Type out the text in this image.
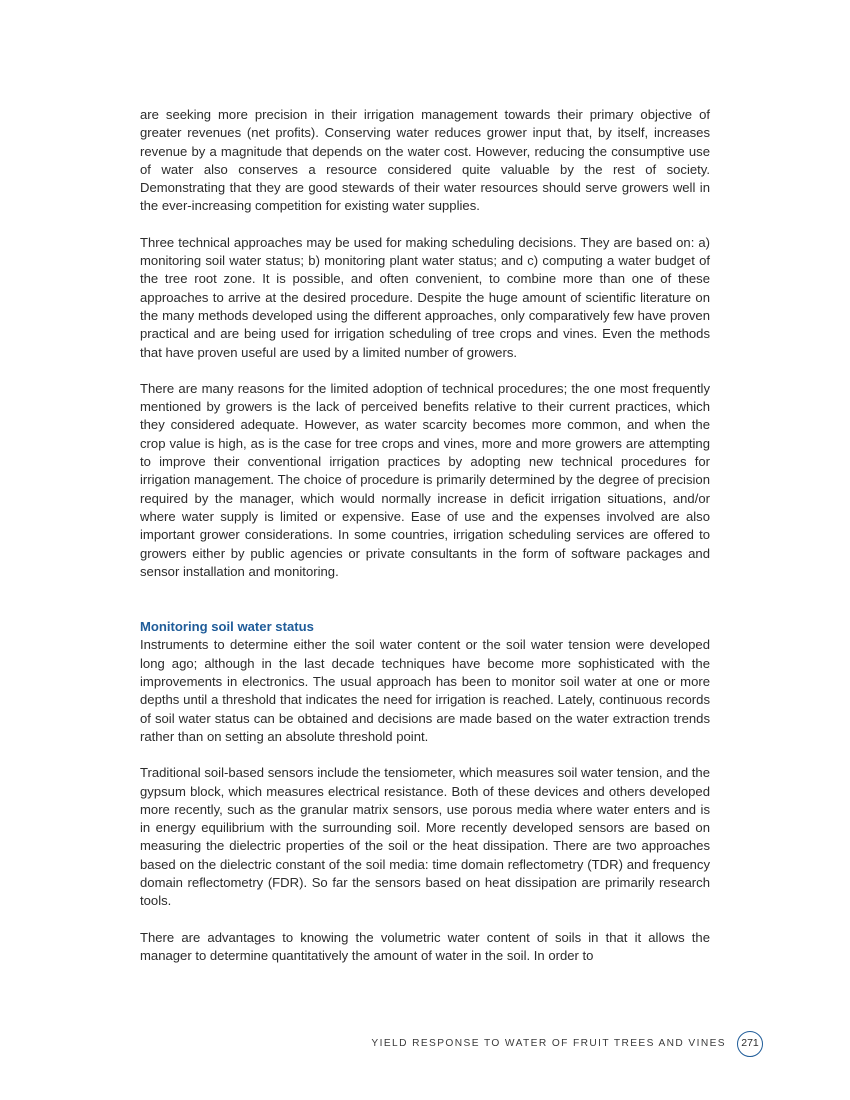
are seeking more precision in their irrigation management towards their primary objective of greater revenues (net profits). Conserving water reduces grower input that, by itself, increases revenue by a magnitude that depends on the water cost. However, reducing the consumptive use of water also conserves a resource considered quite valuable by the rest of society. Demonstrating that they are good stewards of their water resources should serve growers well in the ever-increasing competition for existing water supplies.

Three technical approaches may be used for making scheduling decisions. They are based on: a) monitoring soil water status; b) monitoring plant water status; and c) computing a water budget of the tree root zone. It is possible, and often convenient, to combine more than one of these approaches to arrive at the desired procedure. Despite the huge amount of scientific literature on the many methods developed using the different approaches, only comparatively few have proven practical and are being used for irrigation scheduling of tree crops and vines. Even the methods that have proven useful are used by a limited number of growers.

There are many reasons for the limited adoption of technical procedures; the one most frequently mentioned by growers is the lack of perceived benefits relative to their current practices, which they considered adequate. However, as water scarcity becomes more common, and when the crop value is high, as is the case for tree crops and vines, more and more growers are attempting to improve their conventional irrigation practices by adopting new technical procedures for irrigation management. The choice of procedure is primarily determined by the degree of precision required by the manager, which would normally increase in deficit irrigation situations, and/or where water supply is limited or expensive. Ease of use and the expenses involved are also important grower considerations. In some countries, irrigation scheduling services are offered to growers either by public agencies or private consultants in the form of software packages and sensor installation and monitoring.

Monitoring soil water status

Instruments to determine either the soil water content or the soil water tension were developed long ago; although in the last decade techniques have become more sophisticated with the improvements in electronics. The usual approach has been to monitor soil water at one or more depths until a threshold that indicates the need for irrigation is reached. Lately, continuous records of soil water status can be obtained and decisions are made based on the water extraction trends rather than on setting an absolute threshold point.

Traditional soil-based sensors include the tensiometer, which measures soil water tension, and the gypsum block, which measures electrical resistance. Both of these devices and others developed more recently, such as the granular matrix sensors, use porous media where water enters and is in energy equilibrium with the surrounding soil. More recently developed sensors are based on measuring the dielectric properties of the soil or the heat dissipation. There are two approaches based on the dielectric constant of the soil media: time domain reflectometry (TDR) and frequency domain reflectometry (FDR). So far the sensors based on heat dissipation are primarily research tools.

There are advantages to knowing the volumetric water content of soils in that it allows the manager to determine quantitatively the amount of water in the soil. In order to

YIELD RESPONSE TO WATER OF FRUIT TREES AND VINES	271
